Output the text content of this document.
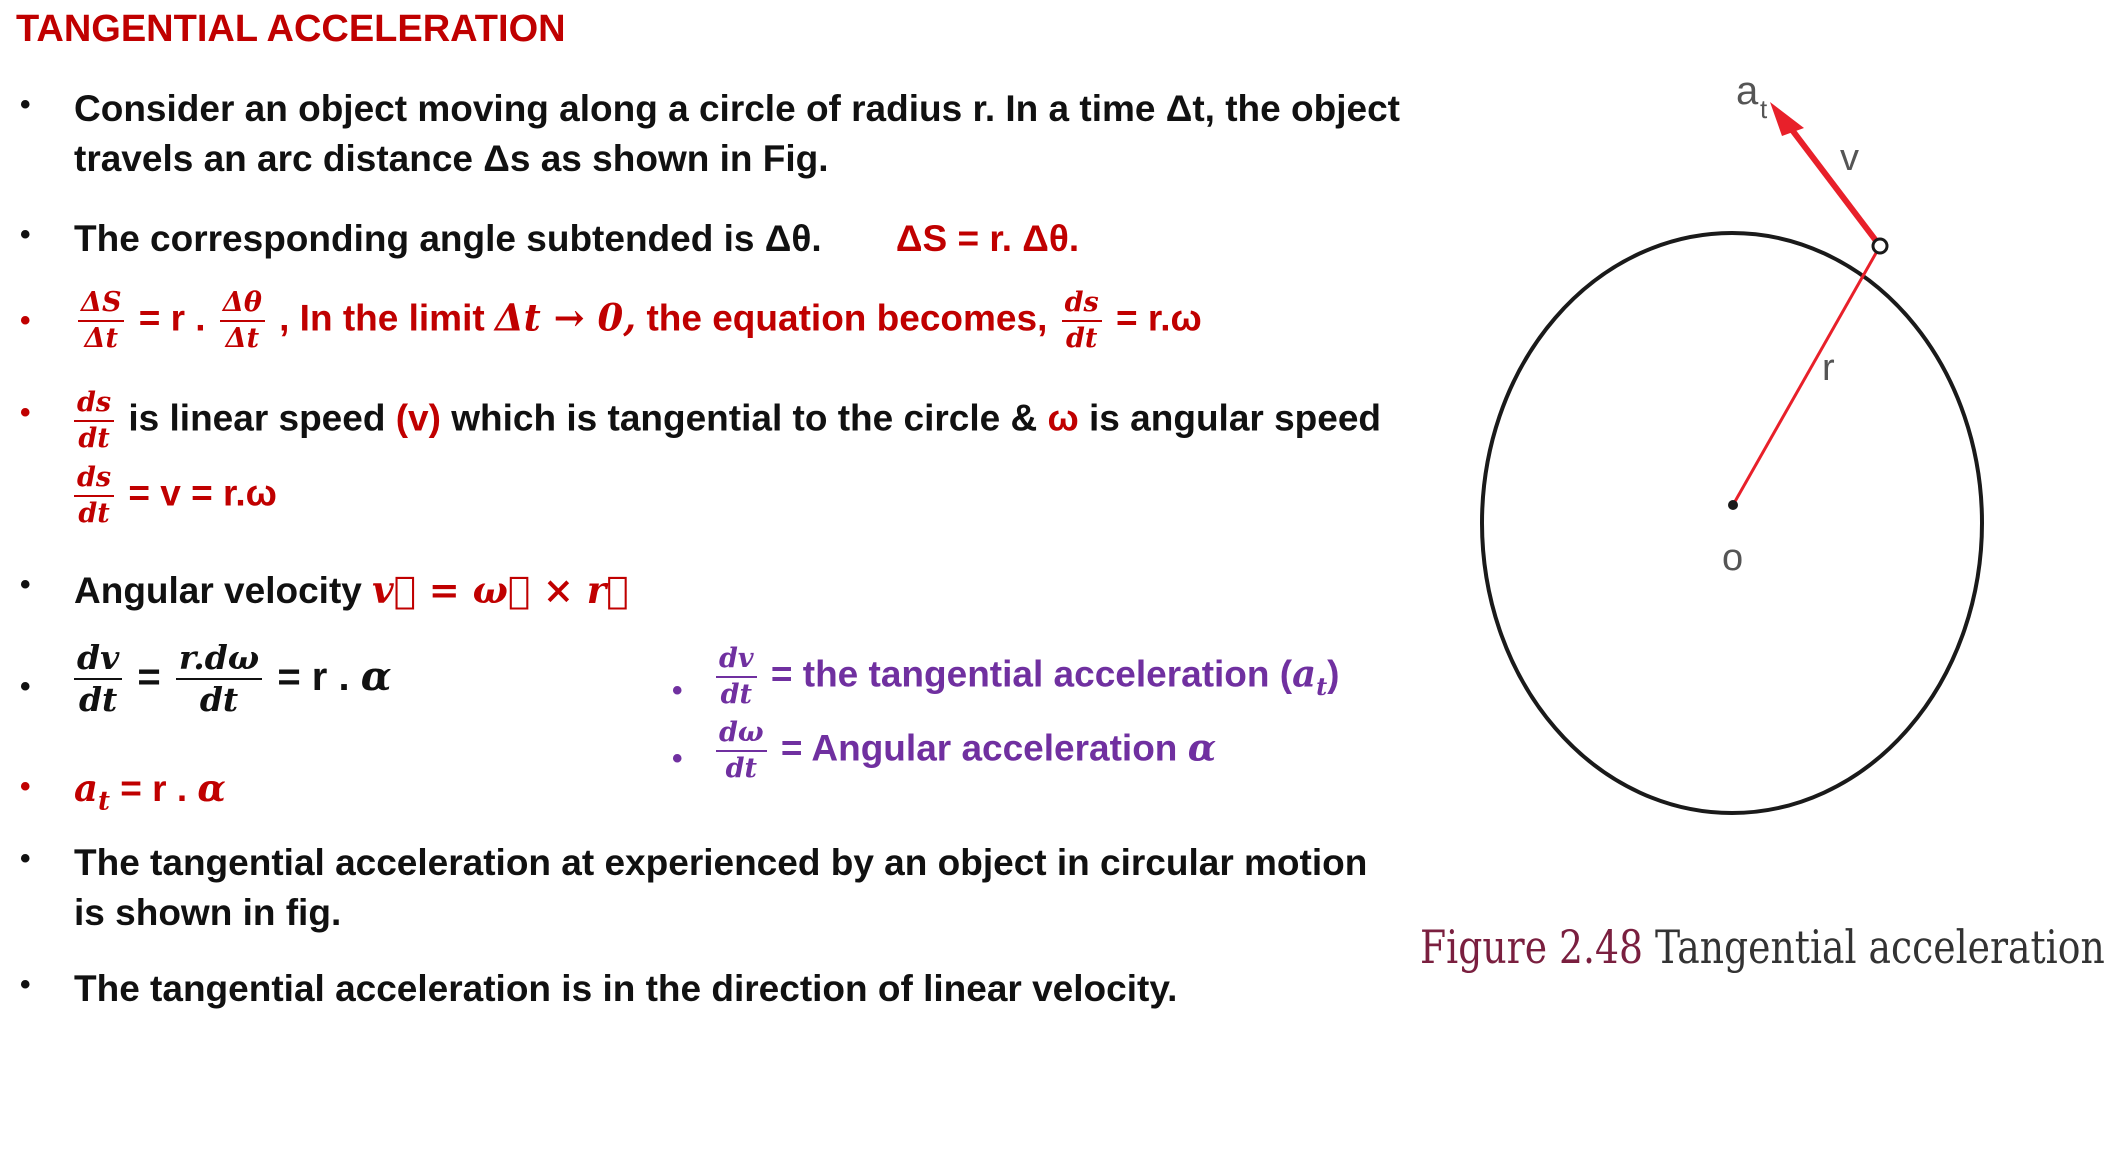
TANGENTIAL ACCELERATION
• Consider an object moving along a circle of radius r. In a time Δt, the object
travels an arc distance Δs as shown in Fig.
• The corresponding angle subtended is Δθ. ΔS = r. Δθ.
• $\frac{\Delta S}{\Delta t} = r$ . $\frac{\Delta\theta}{\Delta t}$ , In the limit Δt → 0, the equation becomes, $\frac{ds}{dt} = r.\omega$
• $\frac{ds}{dt}$ is linear speed (v) which is tangential to the circle & ω is angular speed
$\frac{ds}{dt} = v = r.\omega$
• Angular velocity v⃗ = ω⃗ × r⃗
• $\frac{dv}{dt} = \frac{r.d\omega}{dt} = r$ . α
• $a_t = r$ . α
• The tangential acceleration at experienced by an object in circular motion
is shown in fig.
• The tangential acceleration is in the direction of linear velocity.
• $\frac{dv}{dt}$ = the tangential acceleration $(a_t)$
• $\frac{d\omega}{dt}$ = Angular acceleration α
a t
v
r
o
Figure 2.48 Tangential acceleration
